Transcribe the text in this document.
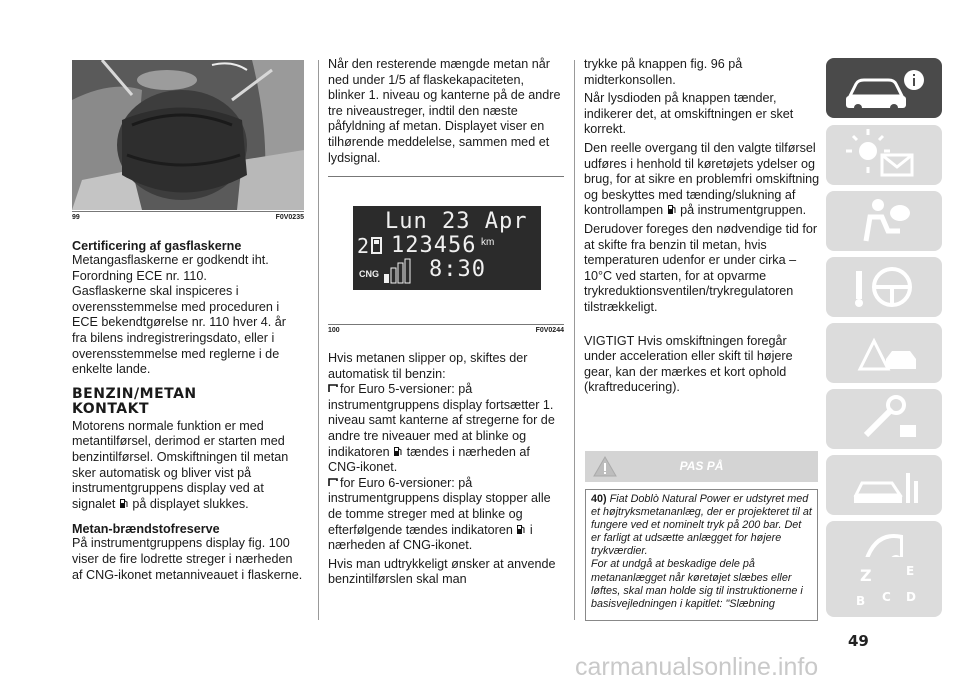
99	F0V0235
Certificering af gasflaskerne

Metangasflaskerne er godkendt iht. Forordning ECE nr. 110.

Gasflaskerne skal inspiceres i overensstemmelse med proceduren i ECE bekendtgørelse nr. 110 hver 4. år fra bilens indregistreringsdato, eller i overensstemmelse med reglerne i de enkelte lande.

BENZIN/METAN
KONTAKT

Motorens normale funktion er med metantilførsel, derimod er starten med benzintilførsel. Omskiftningen til metan sker automatisk og bliver vist på instrumentgruppens display ved at signalet på displayet slukkes.

Metan-brændstofreserve

På instrumentgruppens display fig. 100 viser de fire lodrette streger i nærheden af CNG-ikonet metanniveauet i flaskerne.

Når den resterende mængde metan når ned under 1/5 af flaskekapaciteten, blinker 1. niveau og kanterne på de andre tre niveaustreger, indtil den næste påfyldning af metan. Displayet viser en tilhørende meddelelse, sammen med et lydsignal.

Lun 23 Apr
2 123456 km
CNG 8:30
100	F0V0244

Hvis metanen slipper op, skiftes der automatisk til benzin:

for Euro 5-versioner: på instrumentgruppens display fortsætter 1. niveau samt kanterne af stregerne for de andre tre niveauer med at blinke og indikatoren tændes i nærheden af CNG-ikonet.

for Euro 6-versioner: på instrumentgruppens display stopper alle de tomme streger med at blinke og efterfølgende tændes indikatoren i nærheden af CNG-ikonet.

Hvis man udtrykkeligt ønsker at anvende benzintilførslen skal man

trykke på knappen fig. 96 på midterkonsollen.

Når lysdioden på knappen tænder, indikerer det, at omskiftningen er sket korrekt.

Den reelle overgang til den valgte tilførsel udføres i henhold til køretøjets ydelser og brug, for at sikre en problemfri omskiftning og beskyttes med tænding/slukning af kontrollampen på instrumentgruppen.

Derudover foreges den nødvendige tid for at skifte fra benzin til metan, hvis temperaturen udenfor er under cirka –10°C ved starten, for at opvarme trykreduktionsventilen/trykregulatoren tilstrækkeligt.

VIGTIGT Hvis omskiftningen foregår under acceleration eller skift til højere gear, kan der mærkes et kort ophold (kraftreducering).

PAS PÅ

40) Fiat Doblò Natural Power er udstyret med et højtryksmetananlæg, der er projekteret til at fungere ved et nominelt tryk på 200 bar. Det er farligt at udsætte anlægget for højere trykværdier.

For at undgå at beskadige dele på metananlægget når køretøjet slæbes eller løftes, skal man holde sig til instruktionerne i basisvejledningen i kapitlet: "Slæbning

Z	E
B C D
49
carmanualsonline.info
